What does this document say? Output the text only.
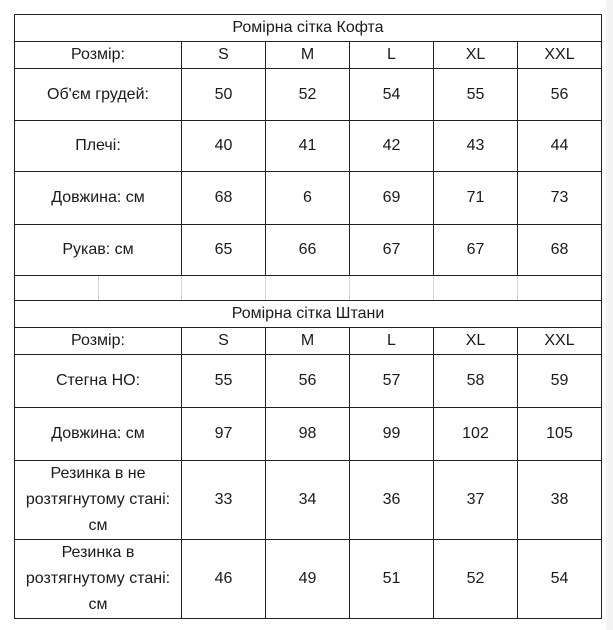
Ромірна сітка Кофта						
Розмір:		S	M	L	XL	XXL
Об'єм грудей:		50	52	54	55	56
Плечі:		40	41	42	43	44
Довжина: см		68	6	69	71	73
Рукав: см		65	66	67	67	68

Ромірна сітка Штани						
Розмір:		S	M	L	XL	XXL
Стегна НО:		55	56	57	58	59
Довжина: см		97	98	99	102	105
Резинка в не розтягнутому стані: см		33	34	36	37	38
Резинка в розтягнутому стані: см		46	49	51	52	54
